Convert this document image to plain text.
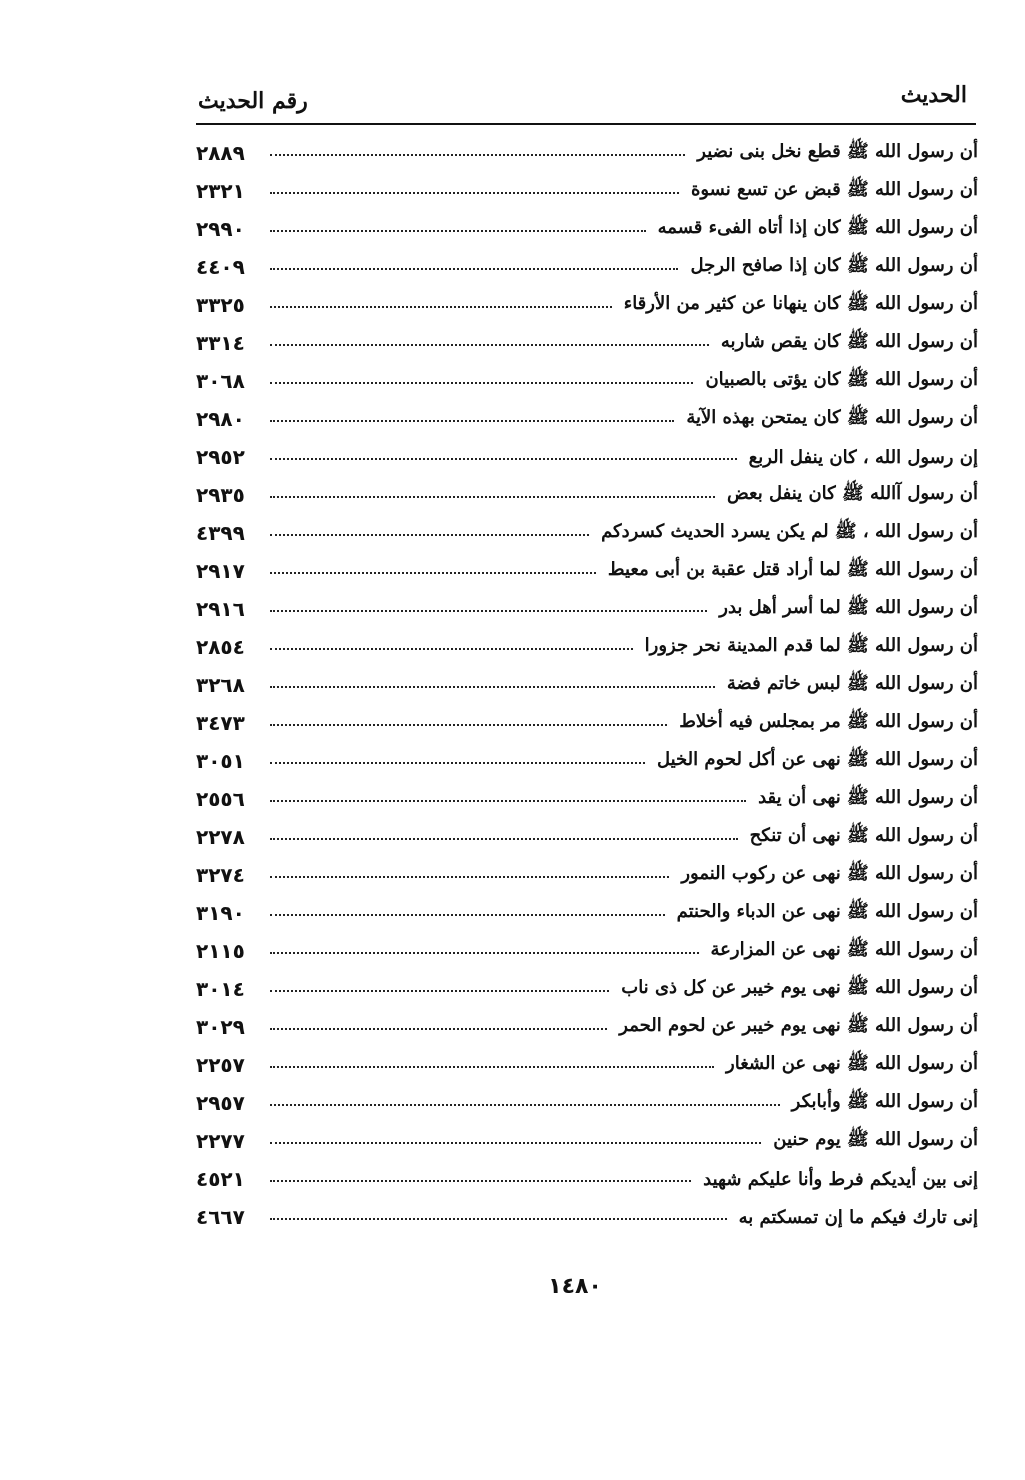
الحديث
رقم الحديث
أن رسول الله ﷺ قطع نخل بنى نضير
٢٨٨٩
أن رسول الله ﷺ قبض عن تسع نسوة
٢٣٢١
أن رسول الله ﷺ كان إذا أتاه الفىء قسمه
٢٩٩٠
أن رسول الله ﷺ كان إذا صافح الرجل
٤٤٠٩
أن رسول الله ﷺ كان ينهانا عن كثير من الأرقاء
٣٣٢٥
أن رسول الله ﷺ كان يقص شاربه
٣٣١٤
أن رسول الله ﷺ كان يؤتى بالصبيان
٣٠٦٨
أن رسول الله ﷺ كان يمتحن بهذه الآية
٢٩٨٠
إن رسول الله ، كان ينفل الربع
٢٩٥٢
أن رسول آالله ﷺ كان ينفل بعض
٢٩٣٥
أن رسول الله ، ﷺ لم يكن يسرد الحديث كسردكم
٤٣٩٩
أن رسول الله ﷺ لما أراد قتل عقبة بن أبى معيط
٢٩١٧
أن رسول الله ﷺ لما أسر أهل بدر
٢٩١٦
أن رسول الله ﷺ لما قدم المدينة نحر جزورا
٢٨٥٤
أن رسول الله ﷺ لبس خاتم فضة
٣٢٦٨
أن رسول الله ﷺ مر بمجلس فيه أخلاط
٣٤٧٣
أن رسول الله ﷺ نهى عن أكل لحوم الخيل
٣٠٥١
أن رسول الله ﷺ نهى أن يقد
٢٥٥٦
أن رسول الله ﷺ نهى أن تنكح
٢٢٧٨
أن رسول الله ﷺ نهى عن ركوب النمور
٣٢٧٤
أن رسول الله ﷺ نهى عن الدباء والحنتم
٣١٩٠
أن رسول الله ﷺ نهى عن المزارعة
٢١١٥
أن رسول الله ﷺ نهى يوم خيبر عن كل ذى ناب
٣٠١٤
أن رسول الله ﷺ نهى يوم خيبر عن لحوم الحمر
٣٠٢٩
أن رسول الله ﷺ نهى عن الشغار
٢٢٥٧
أن رسول الله ﷺ وأبابكر
٢٩٥٧
أن رسول الله ﷺ يوم حنين
٢٢٧٧
إنى بين أيديكم فرط وأنا عليكم شهيد
٤٥٢١
إنى تارك فيكم ما إن تمسكتم به
٤٦٦٧
١٤٨٠
